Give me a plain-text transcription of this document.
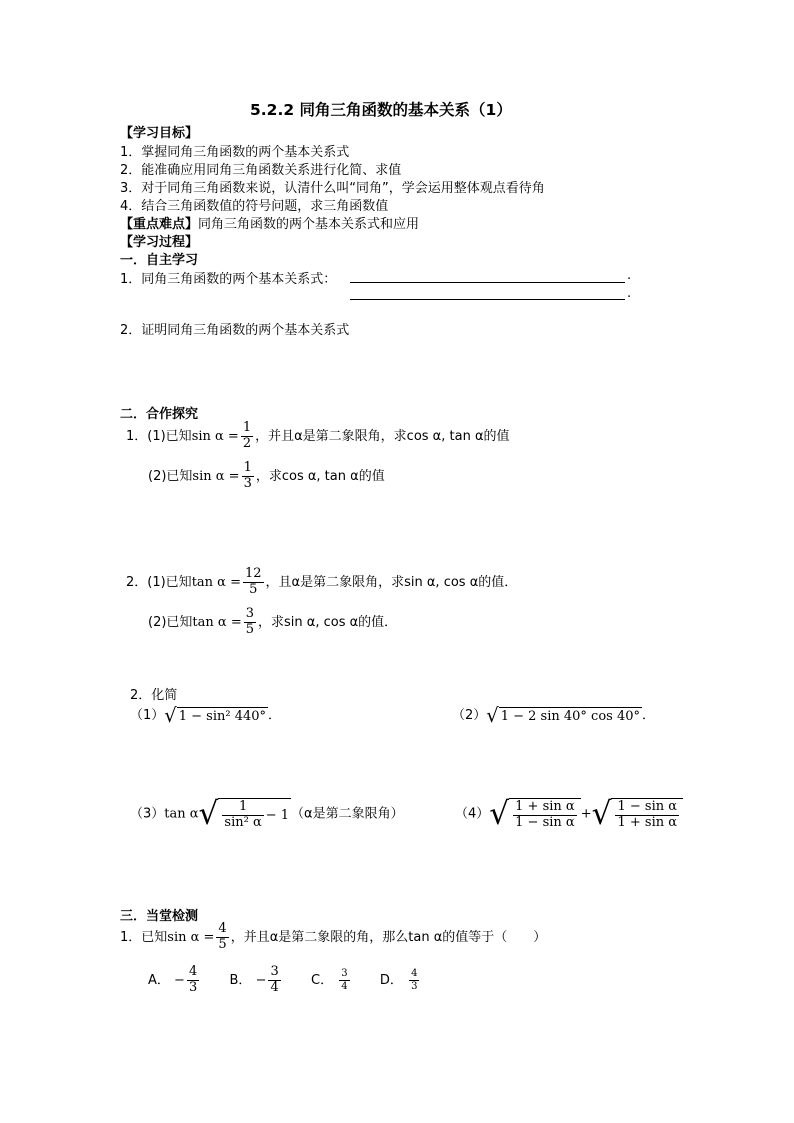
5.2.2 同角三角函数的基本关系（1）
【学习目标】
1．掌握同角三角函数的两个基本关系式
2．能准确应用同角三角函数关系进行化简、求值
3．对于同角三角函数来说，认清什么叫“同角”，学会运用整体观点看待角
4．结合三角函数值的符号问题，求三角函数值
【重点难点】同角三角函数的两个基本关系式和应用
【学习过程】
一．自主学习
1．同角三角函数的两个基本关系式：	.
.
2．证明同角三角函数的两个基本关系式
二．合作探究
1．(1)已知$\sin \alpha = \frac{1}{2}$ ，并且α是第二象限角，求cos α, tan α的值
(2)已知$\sin \alpha = \frac{1}{3}$ ，求cos α, tan α的值
2．(1)已知$\tan \alpha = \frac{12}{5}$ ，且α是第二象限角，求sin α, cos α的值．
(2)已知$\tan \alpha = \frac{3}{5}$ ，求sin α, cos α的值．
2．化简
（1）√ 1 − sin² 440° ．	（2）√ 1 − 2 sin 40° cos 40° ．
（3）tan $\alpha√ \frac{1}{\text{sin² α}} - 1$ （α是第二象限角）	$(4)√ \frac{\text{1 + sin α}}{\text{1 − sin α}}$ +√ $\frac{\text{1 − sin α}}{\text{1 + sin α}}$
三．当堂检测
1．已知$\sin \alpha = \frac{4}{5}$ ，并且α是第二象限的角，那么tan α的值等于（ ）
A． − $\frac{4}{3}$ B． − $\frac{3}{4}$ C． $\frac{3}{4}$ D． $\frac{4}{3}$
